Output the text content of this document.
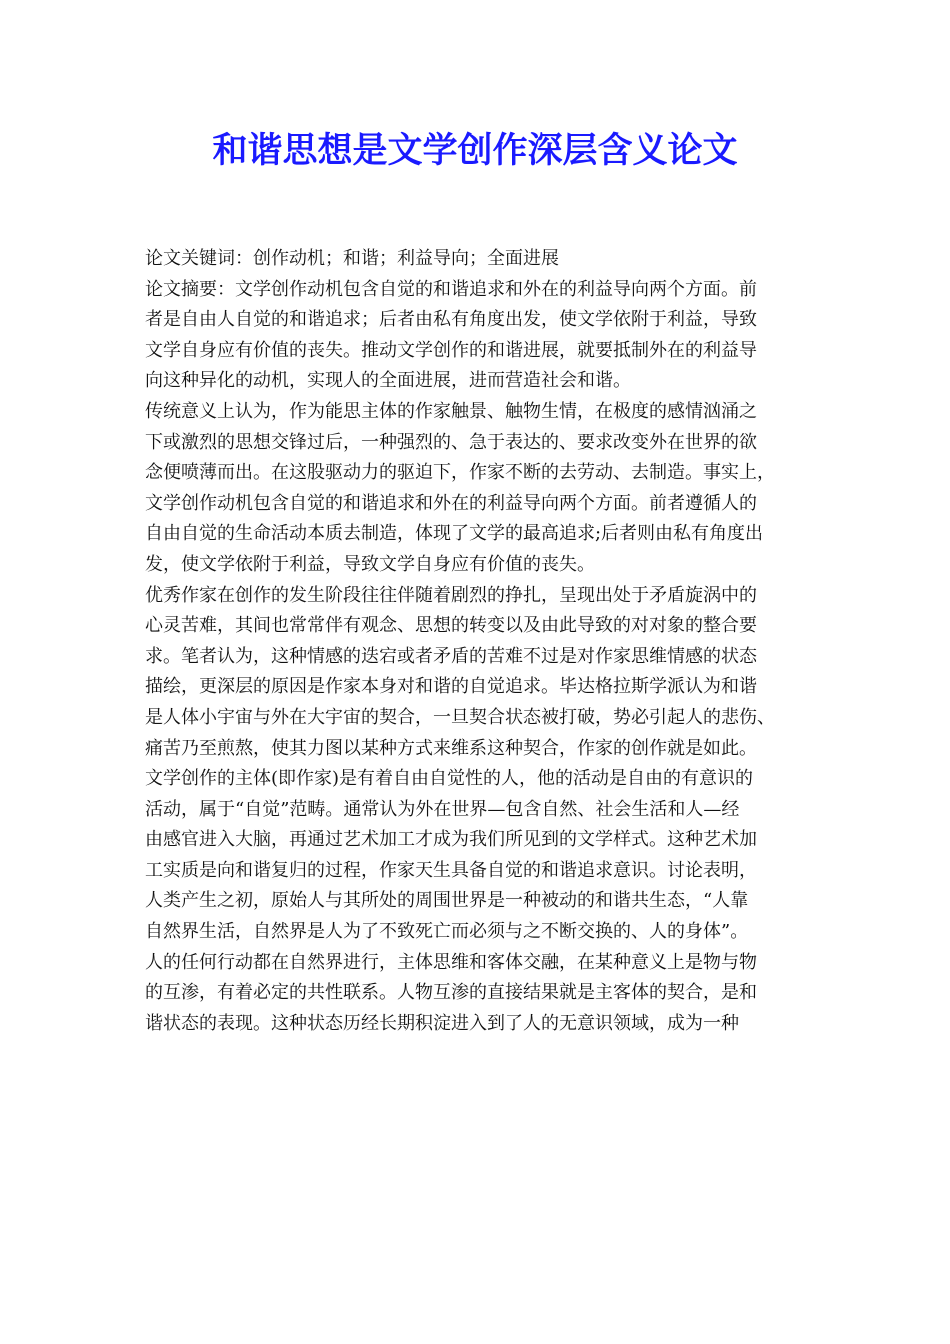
和谐思想是文学创作深层含义论文

论文关键词：创作动机；和谐；利益导向；全面进展

论文摘要：文学创作动机包含自觉的和谐追求和外在的利益导向两个方面。前

者是自由人自觉的和谐追求；后者由私有角度出发，使文学依附于利益，导致

文学自身应有价值的丧失。推动文学创作的和谐进展，就要抵制外在的利益导

向这种异化的动机，实现人的全面进展，进而营造社会和谐。

传统意义上认为，作为能思主体的作家触景、触物生情，在极度的感情汹涌之

下或激烈的思想交锋过后，一种强烈的、急于表达的、要求改变外在世界的欲

念便喷薄而出。在这股驱动力的驱迫下，作家不断的去劳动、去制造。事实上，

文学创作动机包含自觉的和谐追求和外在的利益导向两个方面。前者遵循人的

自由自觉的生命活动本质去制造，体现了文学的最高追求;后者则由私有角度出

发，使文学依附于利益，导致文学自身应有价值的丧失。

优秀作家在创作的发生阶段往往伴随着剧烈的挣扎，呈现出处于矛盾旋涡中的

心灵苦难，其间也常常伴有观念、思想的转变以及由此导致的对对象的整合要

求。笔者认为，这种情感的迭宕或者矛盾的苦难不过是对作家思维情感的状态

描绘，更深层的原因是作家本身对和谐的自觉追求。毕达格拉斯学派认为和谐

是人体小宇宙与外在大宇宙的契合，一旦契合状态被打破，势必引起人的悲伤、

痛苦乃至煎熬，使其力图以某种方式来维系这种契合，作家的创作就是如此。

文学创作的主体(即作家)是有着自由自觉性的人，他的活动是自由的有意识的

活动，属于“自觉”范畴。通常认为外在世界—包含自然、社会生活和人—经

由感官进入大脑，再通过艺术加工才成为我们所见到的文学样式。这种艺术加

工实质是向和谐复归的过程，作家天生具备自觉的和谐追求意识。讨论表明，

人类产生之初，原始人与其所处的周围世界是一种被动的和谐共生态，“人靠

自然界生活，自然界是人为了不致死亡而必须与之不断交换的、人的身体”。

人的任何行动都在自然界进行，主体思维和客体交融，在某种意义上是物与物

的互渗，有着必定的共性联系。人物互渗的直接结果就是主客体的契合，是和

谐状态的表现。这种状态历经长期积淀进入到了人的无意识领域，成为一种
